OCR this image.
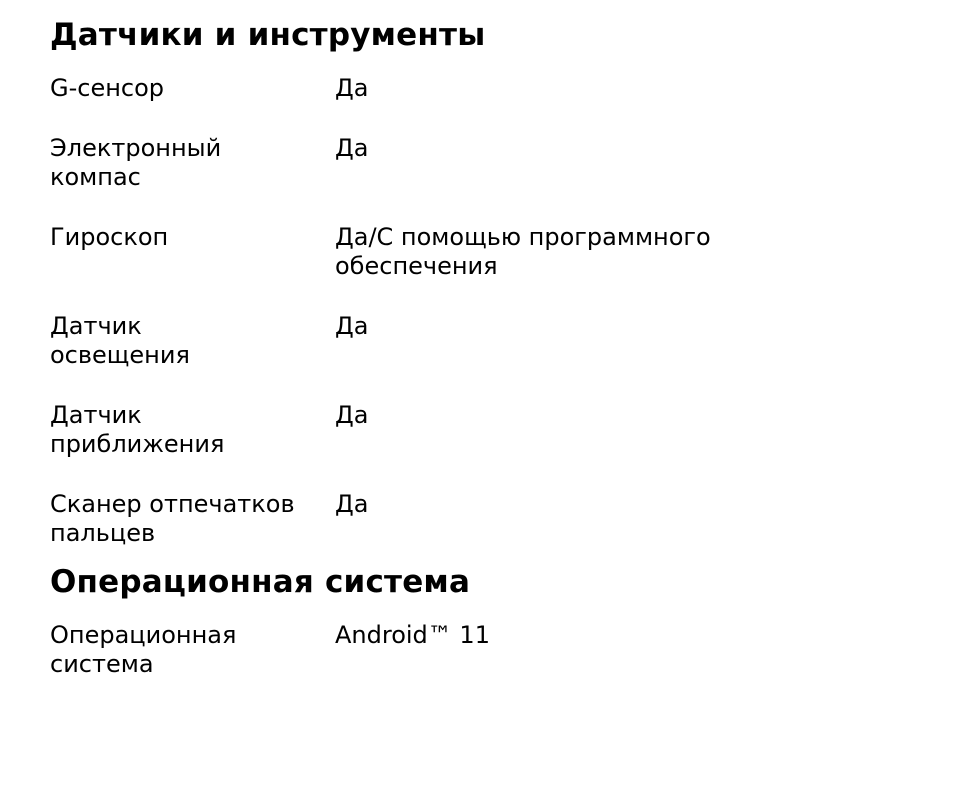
Датчики и инструменты
G-сенсор	Да
Электронный компас
Да
Гироскоп	Да/С помощью программного обеспечения
Датчик освещения
Да
Датчик приближения
Да
Сканер отпечатков пальцев
Да
Операционная система
Операционная система
Android™ 11
